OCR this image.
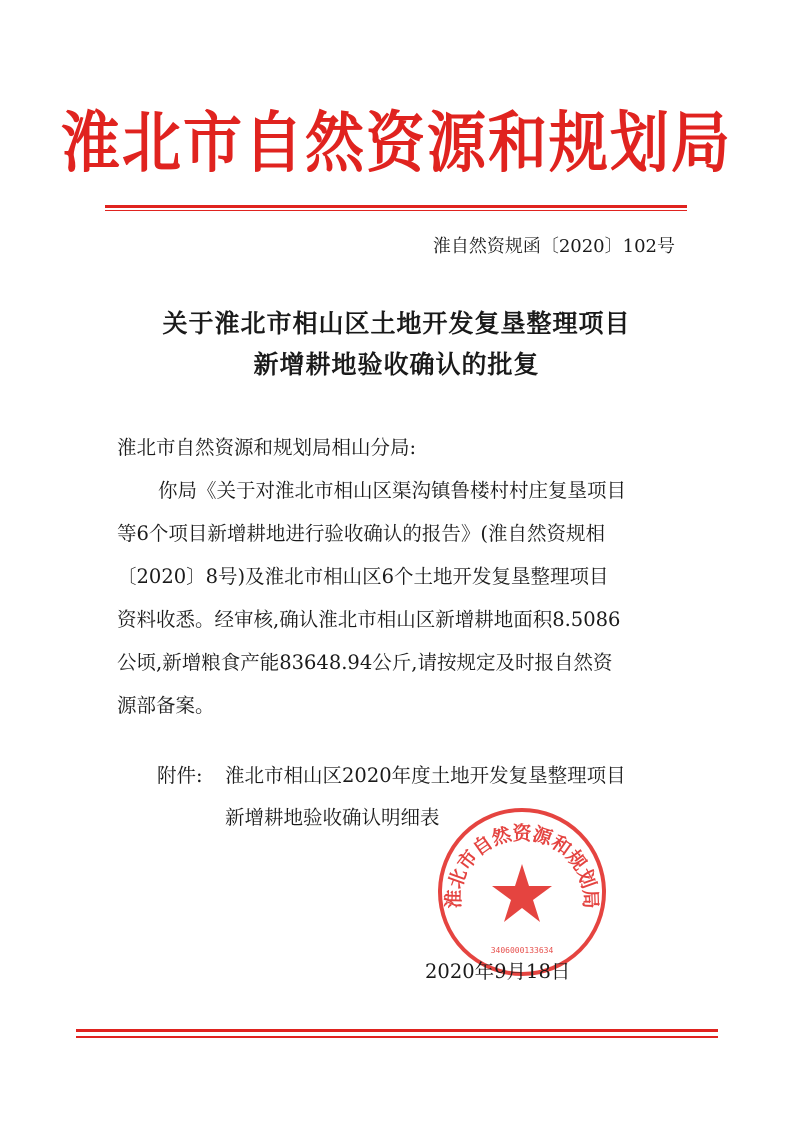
淮北市自然资源和规划局
淮自然资规函〔2020〕102号
关于淮北市相山区土地开发复垦整理项目
新增耕地验收确认的批复
淮北市自然资源和规划局相山分局:
你局《关于对淮北市相山区渠沟镇鲁楼村村庄复垦项目
等6个项目新增耕地进行验收确认的报告》(淮自然资规相
〔2020〕8号)及淮北市相山区6个土地开发复垦整理项目
资料收悉。经审核,确认淮北市相山区新增耕地面积8.5086
公顷,新增粮食产能83648.94公斤,请按规定及时报自然资
源部备案。
附件: 淮北市相山区2020年度土地开发复垦整理项目
新增耕地验收确认明细表
淮北市自然资源和规划局
3406000133634
2020年9月18日
